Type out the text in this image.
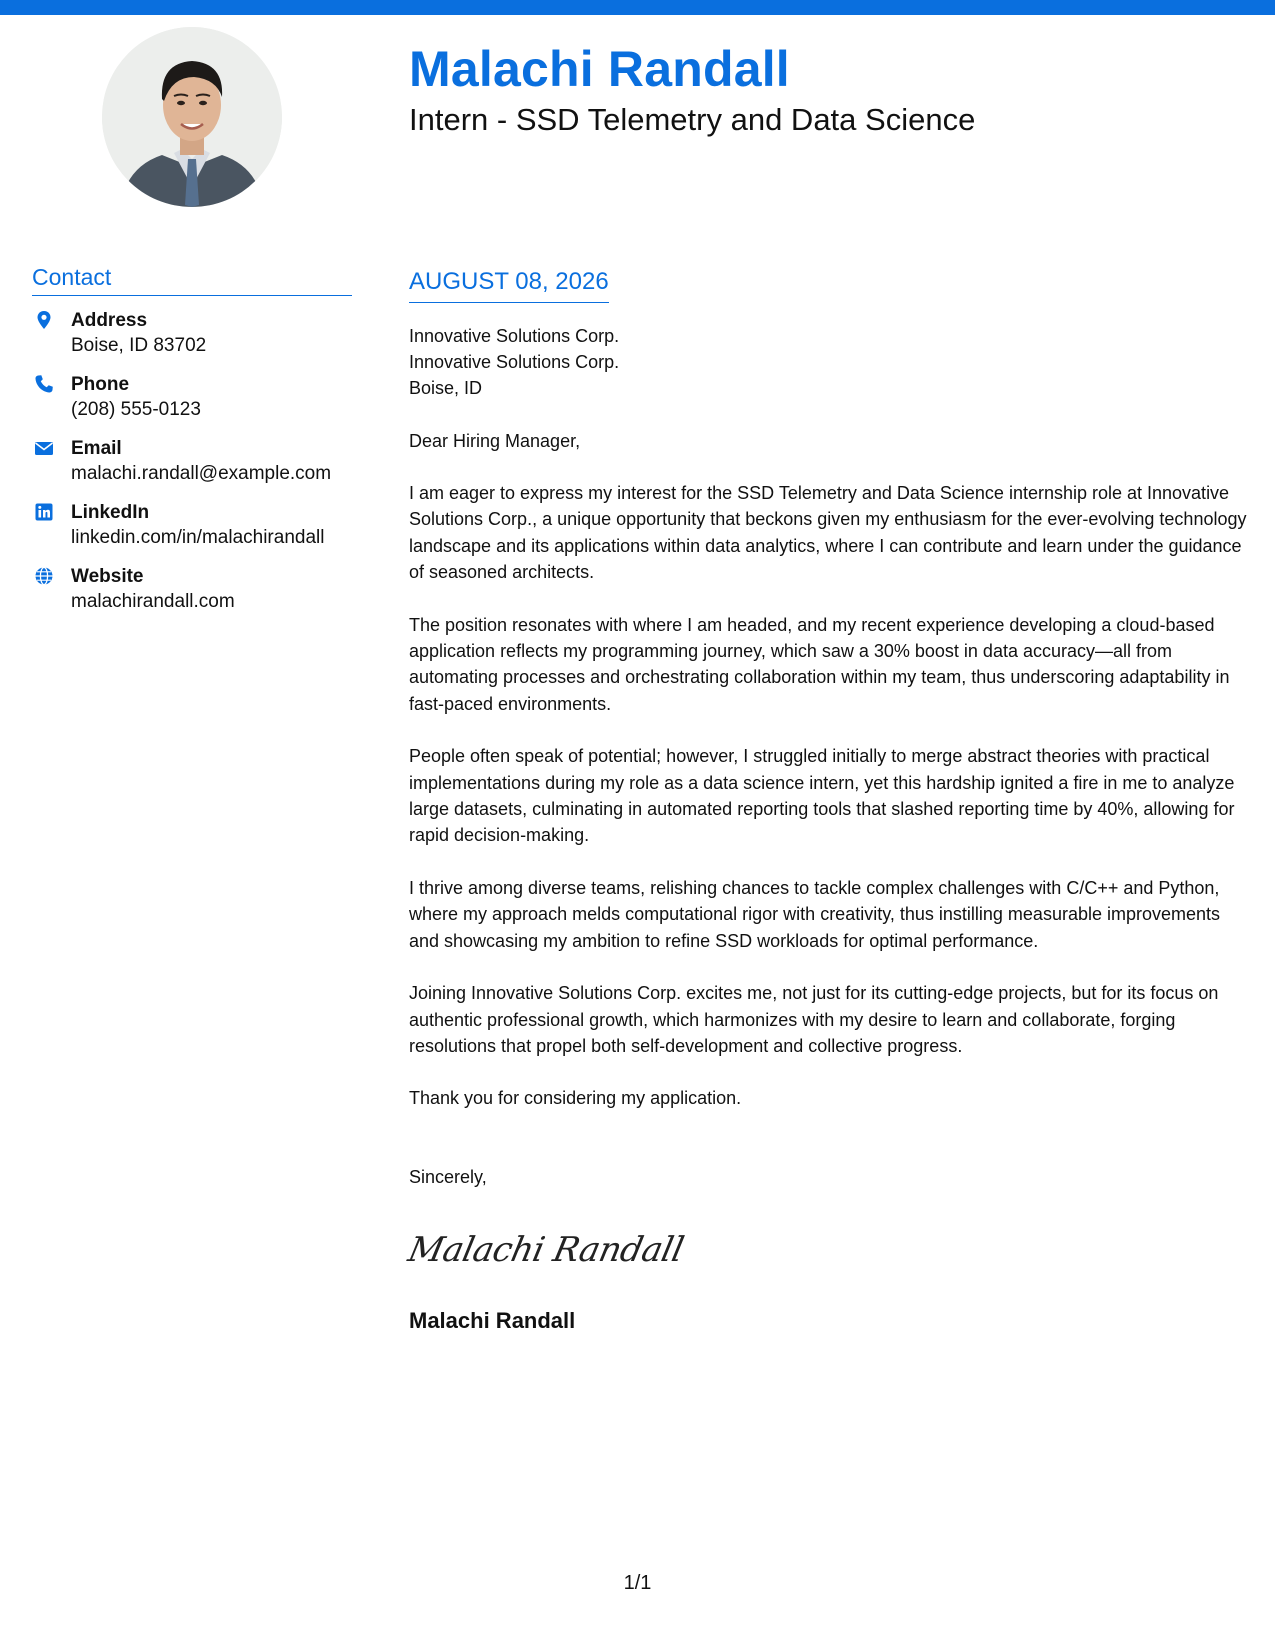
Malachi Randall
Intern - SSD Telemetry and Data Science
Contact
Address
Boise, ID 83702
Phone
(208) 555-0123
Email
malachi.randall@example.com
LinkedIn
linkedin.com/in/malachirandall
Website
malachirandall.com
AUGUST 08, 2026
Innovative Solutions Corp.
Innovative Solutions Corp.
Boise, ID
Dear Hiring Manager,
I am eager to express my interest for the SSD Telemetry and Data Science internship role at Innovative Solutions Corp., a unique opportunity that beckons given my enthusiasm for the ever-evolving technology landscape and its applications within data analytics, where I can contribute and learn under the guidance of seasoned architects.
The position resonates with where I am headed, and my recent experience developing a cloud-based application reflects my programming journey, which saw a 30% boost in data accuracy—all from automating processes and orchestrating collaboration within my team, thus underscoring adaptability in fast-paced environments.
People often speak of potential; however, I struggled initially to merge abstract theories with practical implementations during my role as a data science intern, yet this hardship ignited a fire in me to analyze large datasets, culminating in automated reporting tools that slashed reporting time by 40%, allowing for rapid decision-making.
I thrive among diverse teams, relishing chances to tackle complex challenges with C/C++ and Python, where my approach melds computational rigor with creativity, thus instilling measurable improvements and showcasing my ambition to refine SSD workloads for optimal performance.
Joining Innovative Solutions Corp. excites me, not just for its cutting-edge projects, but for its focus on authentic professional growth, which harmonizes with my desire to learn and collaborate, forging resolutions that propel both self-development and collective progress.
Thank you for considering my application.
Sincerely,
Malachi Randall
Malachi Randall
1/1
